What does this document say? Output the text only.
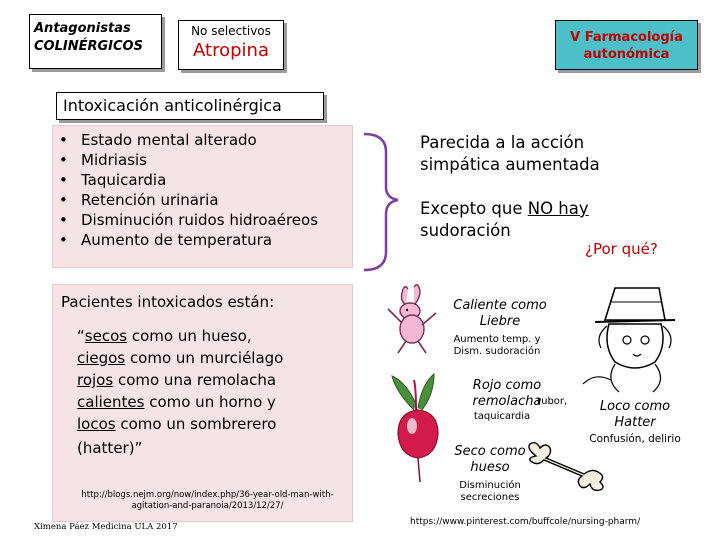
Antagonistas
COLINÉRGICOS
No selectivos
Atropina
V Farmacología
autonómica
Intoxicación anticolinérgica
• Estado mental alterado
• Midriasis
• Taquicardia
• Retención urinaria
• Disminución ruidos hidroaéreos
• Aumento de temperatura
Parecida a la acción
simpática aumentada
Excepto que NO hay
sudoración
¿Por qué?
Pacientes intoxicados están:
“secos como un hueso,
ciegos como un murciélago
rojos como una remolacha
calientes como un horno y
locos como un sombrerero
(hatter)”
http://blogs.nejm.org/now/index.php/36-year-old-man-with-agitation-and-paranoia/2013/12/27/
Caliente como Liebre
Aumento temp. y Dism. sudoración
Rojo como remolacha
rubor,
taquicardia
Seco como hueso
Disminución secreciones
Loco como Hatter
Confusión, delirio
Ximena Páez Medicina ULA 2017	https://www.pinterest.com/buffcole/nursing-pharm/
